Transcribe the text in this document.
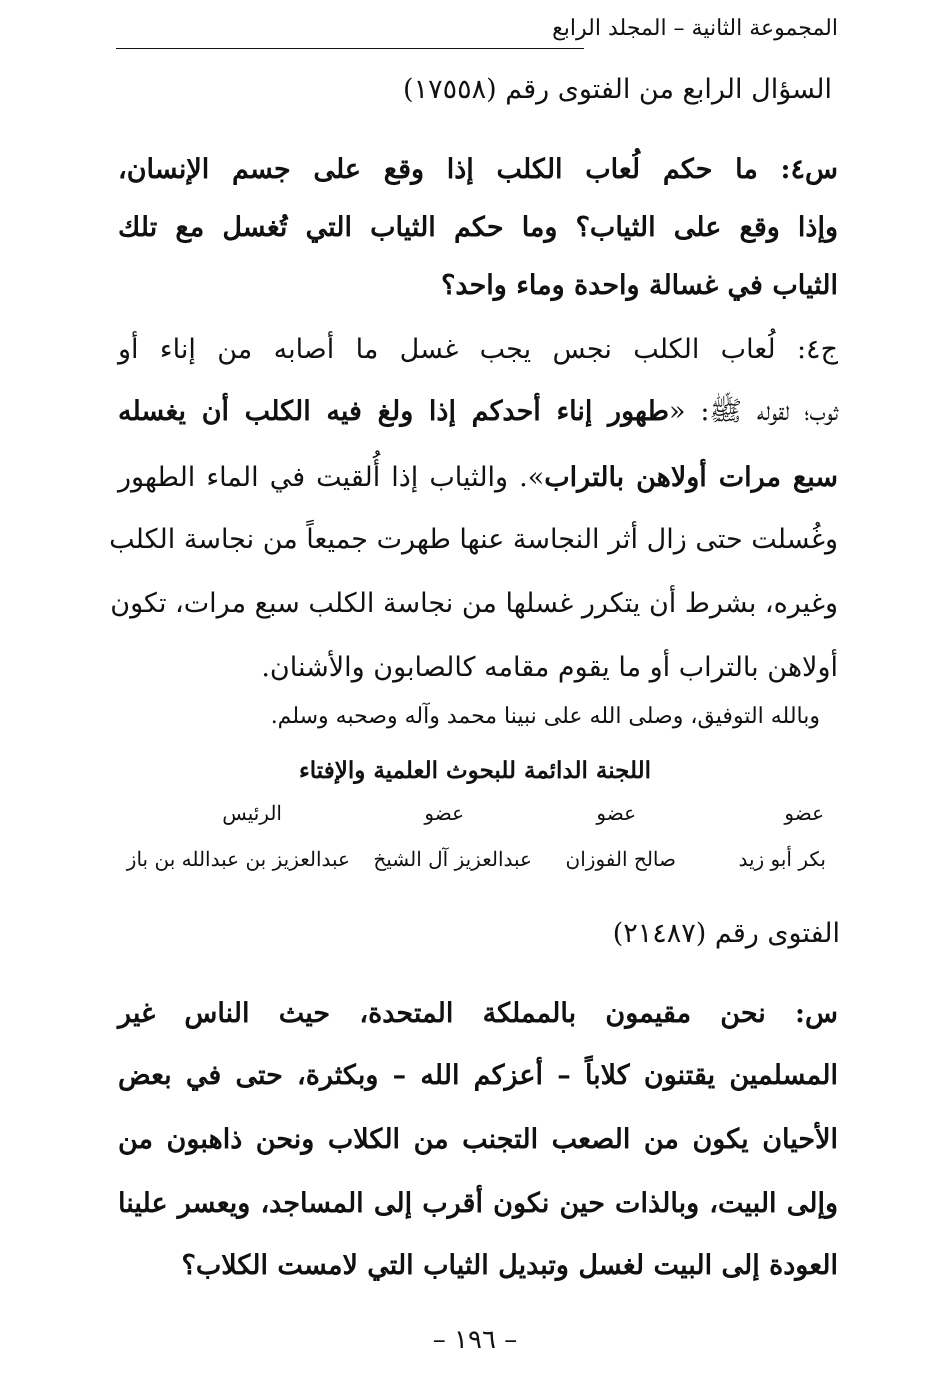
المجموعة الثانية – المجلد الرابع
السؤال الرابع من الفتوى رقم (١٧٥٥٨)
س٤: ما حكم لُعاب الكلب إذا وقع على جسم الإنسان،
وإذا وقع على الثياب؟ وما حكم الثياب التي تُغسل مع تلك
الثياب في غسالة واحدة وماء واحد؟
ج٤: لُعاب الكلب نجس يجب غسل ما أصابه من إناء أو
ثوب؛ لقوله ﷺ: «طهور إناء أحدكم إذا ولغ فيه الكلب أن يغسله
سبع مرات أولاهن بالتراب». والثياب إذا أُلقيت في الماء الطهور
وغُسلت حتى زال أثر النجاسة عنها طهرت جميعاً من نجاسة الكلب
وغيره، بشرط أن يتكرر غسلها من نجاسة الكلب سبع مرات، تكون
أولاهن بالتراب أو ما يقوم مقامه كالصابون والأشنان.
وبالله التوفيق، وصلى الله على نبينا محمد وآله وصحبه وسلم.
اللجنة الدائمة للبحوث العلمية والإفتاء
عضو
عضو
عضو
الرئيس
بكر أبو زيد
صالح الفوزان
عبدالعزيز آل الشيخ
عبدالعزيز بن عبدالله بن باز
الفتوى رقم (٢١٤٨٧)
س: نحن مقيمون بالمملكة المتحدة، حيث الناس غير
المسلمين يقتنون كلاباً – أعزكم الله – وبكثرة، حتى في بعض
الأحيان يكون من الصعب التجنب من الكلاب ونحن ذاهبون من
وإلى البيت، وبالذات حين نكون أقرب إلى المساجد، ويعسر علينا
العودة إلى البيت لغسل وتبديل الثياب التي لامست الكلاب؟
– ١٩٦ –
